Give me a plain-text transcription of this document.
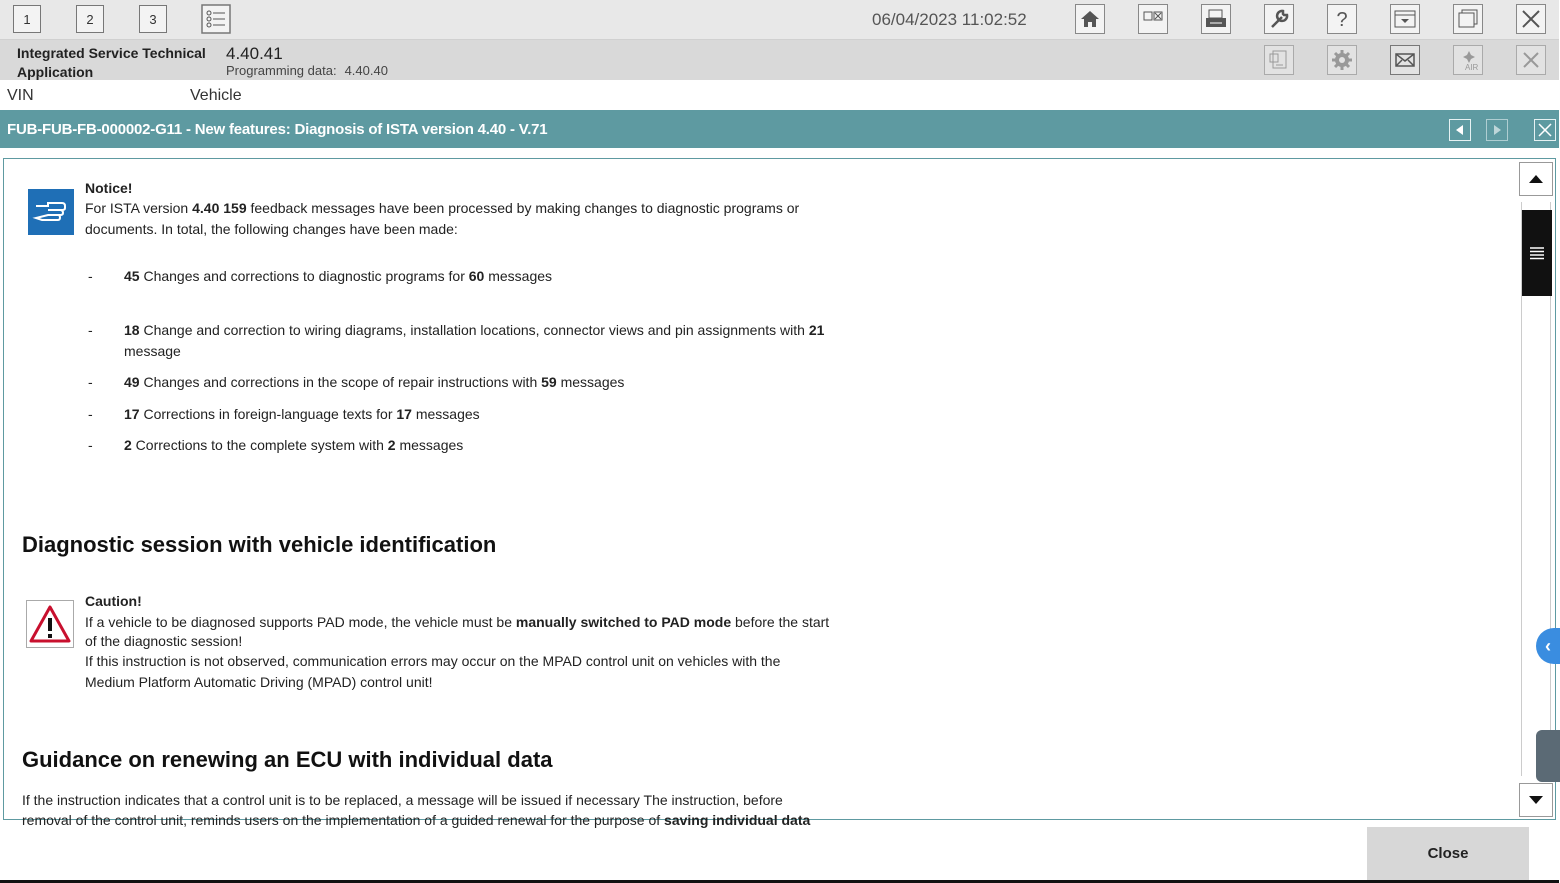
1	2	3	06/04/2023 11:02:52	?
Integrated Service Technical Application
4.40.41
Programming data: 4.40.40	AIR
VIN	Vehicle
FUB-FUB-FB-000002-G11 - New features: Diagnosis of ISTA version 4.40 - V.71
Notice!
For ISTA version 4.40 159 feedback messages have been processed by making changes to diagnostic programs or
documents. In total, the following changes have been made:
- 45 Changes and corrections to diagnostic programs for 60 messages
- 18 Change and correction to wiring diagrams, installation locations, connector views and pin assignments with 21
message
- 49 Changes and corrections in the scope of repair instructions with 59 messages
- 17 Corrections in foreign-language texts for 17 messages
- 2 Corrections to the complete system with 2 messages
Diagnostic session with vehicle identification
Caution!
If a vehicle to be diagnosed supports PAD mode, the vehicle must be manually switched to PAD mode before the start
of the diagnostic session!
If this instruction is not observed, communication errors may occur on the MPAD control unit on vehicles with the
Medium Platform Automatic Driving (MPAD) control unit!
Guidance on renewing an ECU with individual data
If the instruction indicates that a control unit is to be replaced, a message will be issued if necessary The instruction, before
removal of the control unit, reminds users on the implementation of a guided renewal for the purpose of saving individual data
‹
Close
